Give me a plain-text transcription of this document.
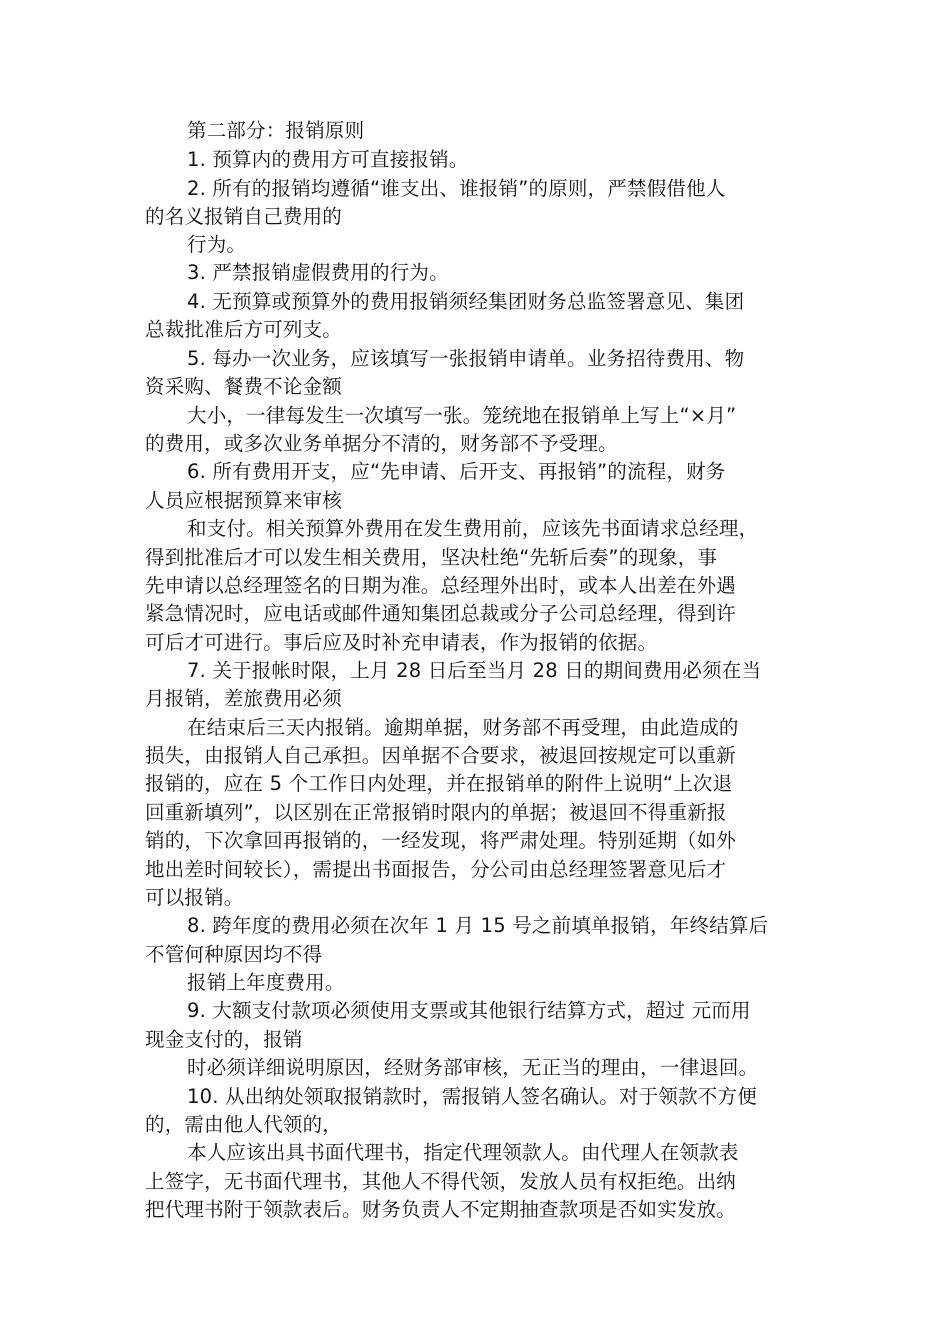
第二部分：报销原则
1. 预算内的费用方可直接报销。
2. 所有的报销均遵循“谁支出、谁报销”的原则，严禁假借他人
的名义报销自己费用的
行为。
3. 严禁报销虚假费用的行为。
4. 无预算或预算外的费用报销须经集团财务总监签署意见、集团
总裁批准后方可列支。
5. 每办一次业务，应该填写一张报销申请单。业务招待费用、物
资采购、餐费不论金额
大小，一律每发生一次填写一张。笼统地在报销单上写上“×月”
的费用，或多次业务单据分不清的，财务部不予受理。
6. 所有费用开支，应“先申请、后开支、再报销”的流程，财务
人员应根据预算来审核
和支付。相关预算外费用在发生费用前，应该先书面请求总经理，
得到批准后才可以发生相关费用，坚决杜绝“先斩后奏”的现象，事
先申请以总经理签名的日期为准。总经理外出时，或本人出差在外遇
紧急情况时，应电话或邮件通知集团总裁或分子公司总经理，得到许
可后才可进行。事后应及时补充申请表，作为报销的依据。
7. 关于报帐时限，上月 28 日后至当月 28 日的期间费用必须在当
月报销，差旅费用必须
在结束后三天内报销。逾期单据，财务部不再受理，由此造成的
损失，由报销人自己承担。因单据不合要求，被退回按规定可以重新
报销的，应在 5 个工作日内处理，并在报销单的附件上说明“上次退
回重新填列”，以区别在正常报销时限内的单据；被退回不得重新报
销的，下次拿回再报销的，一经发现，将严肃处理。特别延期（如外
地出差时间较长），需提出书面报告，分公司由总经理签署意见后才
可以报销。
8. 跨年度的费用必须在次年 1 月 15 号之前填单报销，年终结算后
不管何种原因均不得
报销上年度费用。
9. 大额支付款项必须使用支票或其他银行结算方式，超过 元而用
现金支付的，报销
时必须详细说明原因，经财务部审核，无正当的理由，一律退回。
10. 从出纳处领取报销款时，需报销人签名确认。对于领款不方便
的，需由他人代领的，
本人应该出具书面代理书，指定代理领款人。由代理人在领款表
上签字，无书面代理书，其他人不得代领，发放人员有权拒绝。出纳
把代理书附于领款表后。财务负责人不定期抽查款项是否如实发放。
